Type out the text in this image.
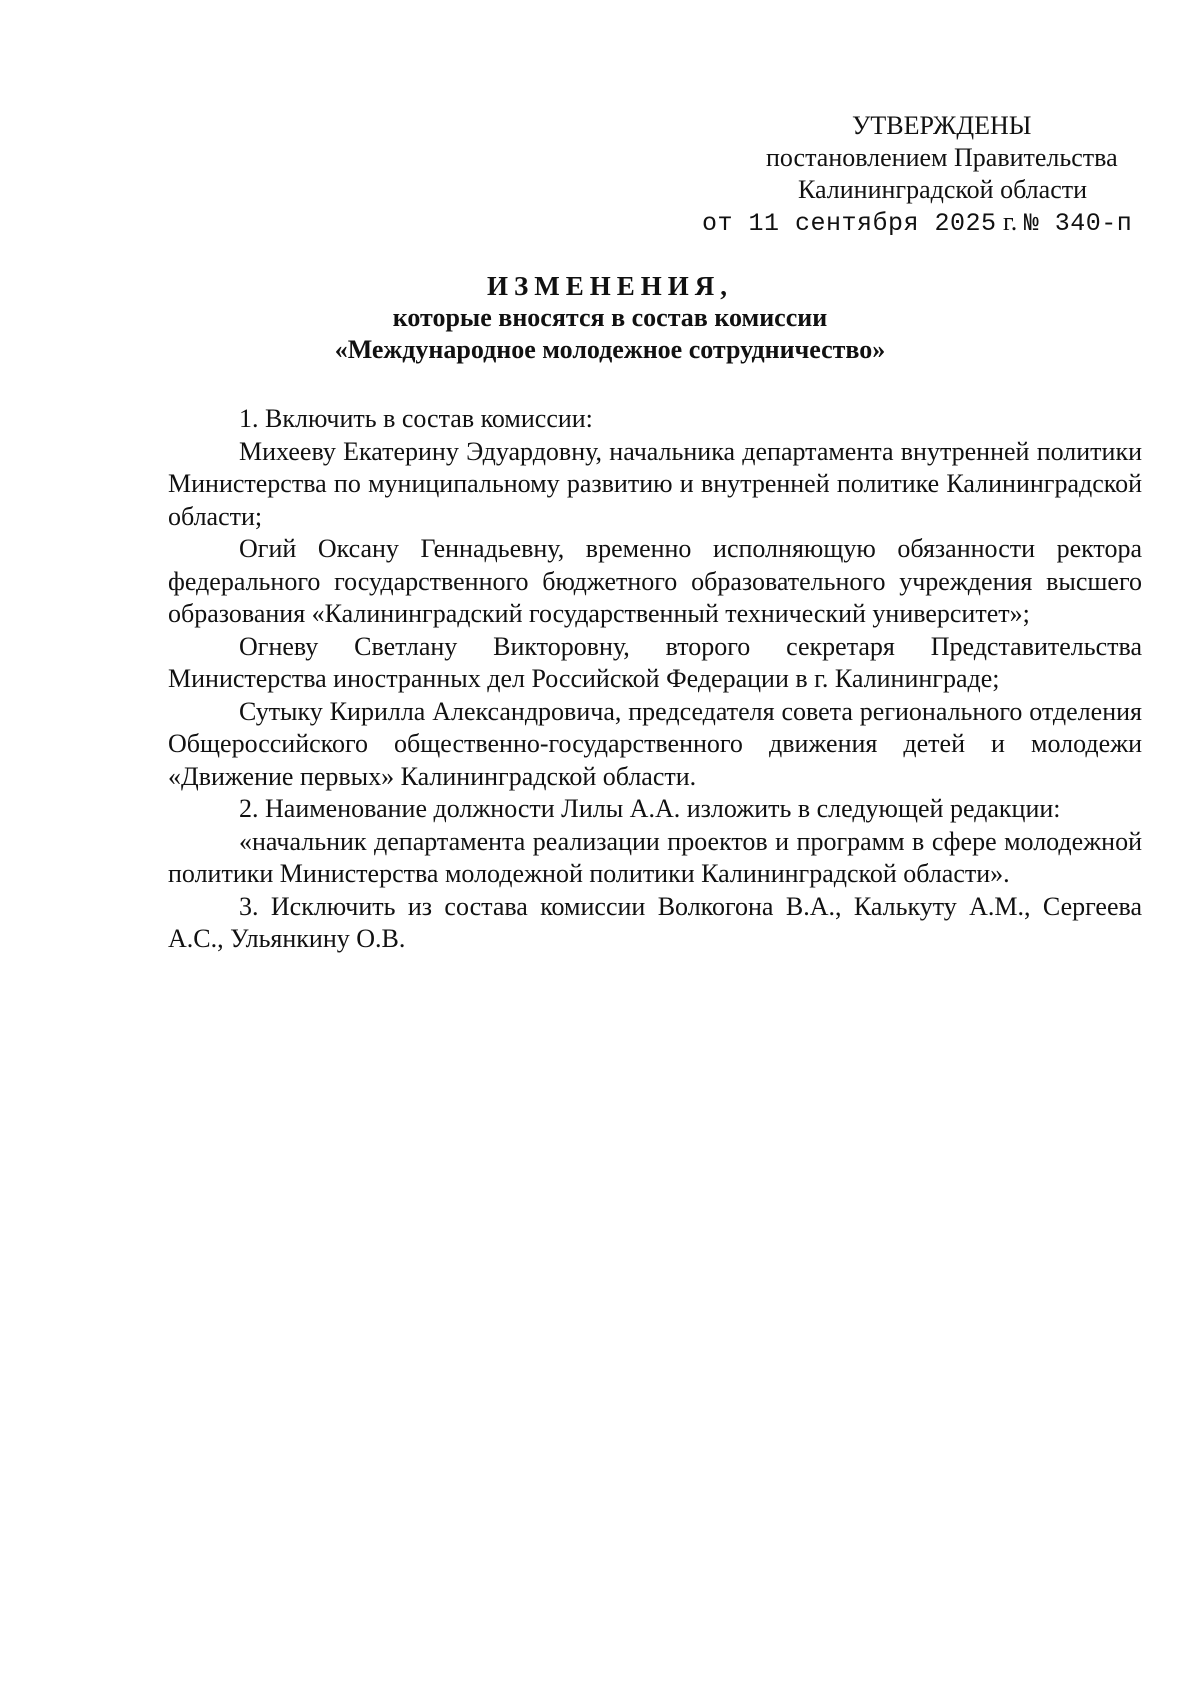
УТВЕРЖДЕНЫ
постановлением Правительства
Калининградской области
от 11 сентября 2025 г. № 340-п
ИЗМЕНЕНИЯ,
которые вносятся в состав комиссии
«Международное молодежное сотрудничество»

1. Включить в состав комиссии:

Михееву Екатерину Эдуардовну, начальника департамента внутренней политики Министерства по муниципальному развитию и внутренней политике Калининградской области;

Огий Оксану Геннадьевну, временно исполняющую обязанности ректора федерального государственного бюджетного образовательного учреждения высшего образования «Калининградский государственный технический университет»;

Огневу Светлану Викторовну, второго секретаря Представительства Министерства иностранных дел Российской Федерации в г. Калининграде;

Сутыку Кирилла Александровича, председателя совета регионального отделения Общероссийского общественно-государственного движения детей и молодежи «Движение первых» Калининградской области.

2. Наименование должности Лилы А.А. изложить в следующей редакции:

«начальник департамента реализации проектов и программ в сфере молодежной политики Министерства молодежной политики Калининградской области».

3. Исключить из состава комиссии Волкогона В.А., Калькуту А.М., Сергеева А.С., Ульянкину О.В.
